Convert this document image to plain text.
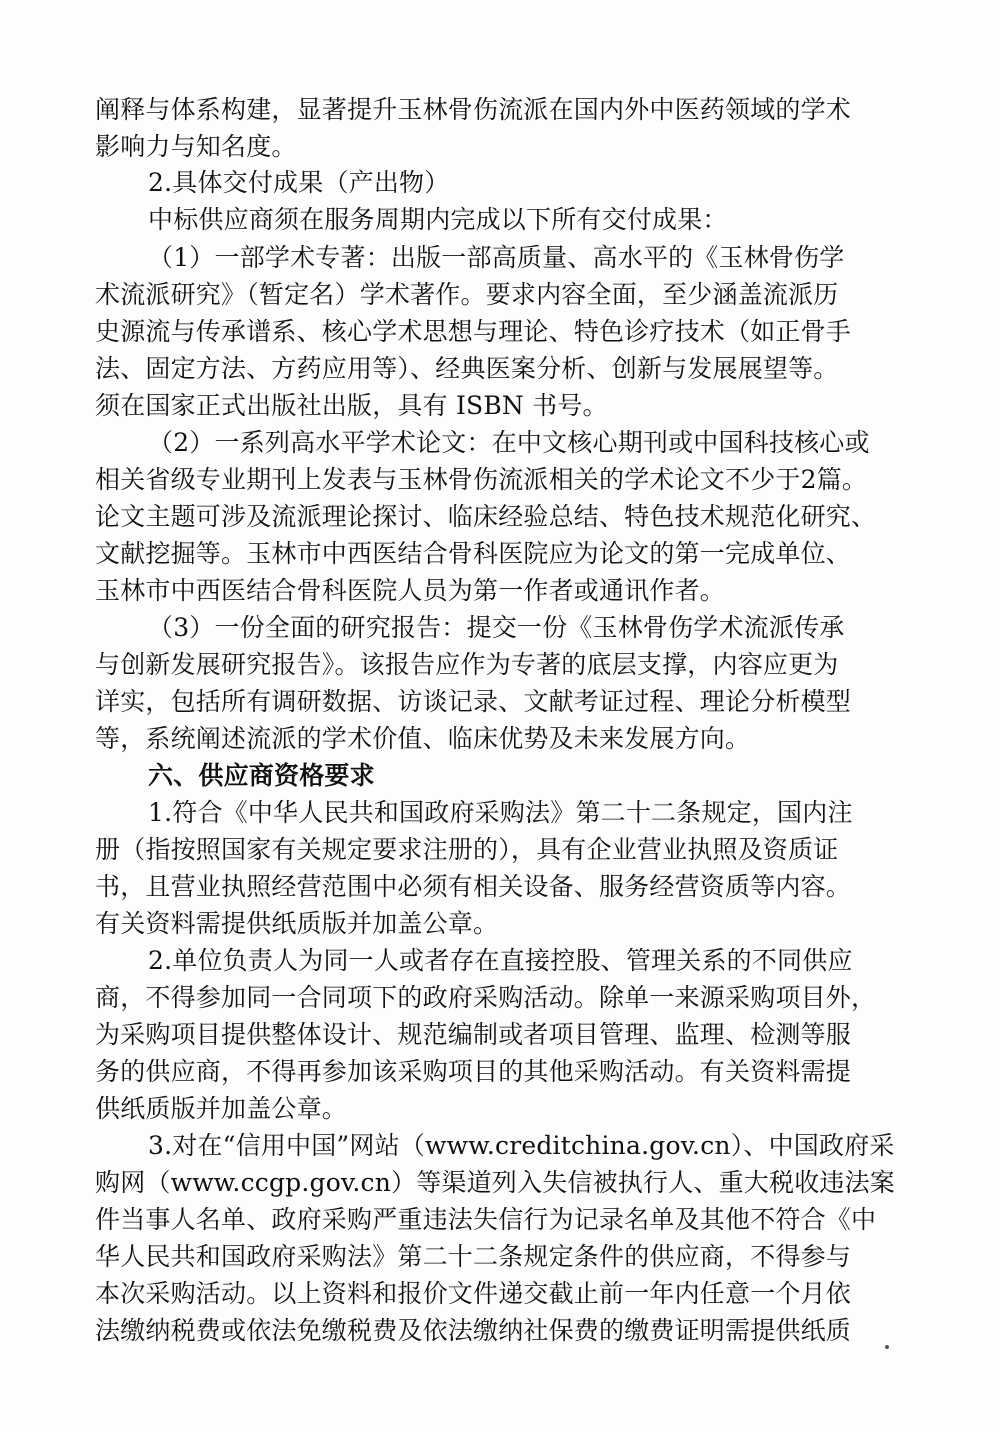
阐释与体系构建，显著提升玉林骨伤流派在国内外中医药领域的学术
影响力与知名度。
2.具体交付成果（产出物）
中标供应商须在服务周期内完成以下所有交付成果：
（1）一部学术专著：出版一部高质量、高水平的《玉林骨伤学
术流派研究》（暂定名）学术著作。要求内容全面，至少涵盖流派历
史源流与传承谱系、核心学术思想与理论、特色诊疗技术（如正骨手
法、固定方法、方药应用等）、经典医案分析、创新与发展展望等。
须在国家正式出版社出版，具有 ISBN 书号。
（2）一系列高水平学术论文：在中文核心期刊或中国科技核心或
相关省级专业期刊上发表与玉林骨伤流派相关的学术论文不少于2篇。
论文主题可涉及流派理论探讨、临床经验总结、特色技术规范化研究、
文献挖掘等。玉林市中西医结合骨科医院应为论文的第一完成单位、
玉林市中西医结合骨科医院人员为第一作者或通讯作者。
（3）一份全面的研究报告：提交一份《玉林骨伤学术流派传承
与创新发展研究报告》。该报告应作为专著的底层支撑，内容应更为
详实，包括所有调研数据、访谈记录、文献考证过程、理论分析模型
等，系统阐述流派的学术价值、临床优势及未来发展方向。
六、供应商资格要求
1.符合《中华人民共和国政府采购法》第二十二条规定，国内注
册（指按照国家有关规定要求注册的），具有企业营业执照及资质证
书，且营业执照经营范围中必须有相关设备、服务经营资质等内容。
有关资料需提供纸质版并加盖公章。
2.单位负责人为同一人或者存在直接控股、管理关系的不同供应
商，不得参加同一合同项下的政府采购活动。除单一来源采购项目外，
为采购项目提供整体设计、规范编制或者项目管理、监理、检测等服
务的供应商，不得再参加该采购项目的其他采购活动。有关资料需提
供纸质版并加盖公章。
3.对在“信用中国”网站（www.creditchina.gov.cn）、中国政府采
购网（www.ccgp.gov.cn）等渠道列入失信被执行人、重大税收违法案
件当事人名单、政府采购严重违法失信行为记录名单及其他不符合《中
华人民共和国政府采购法》第二十二条规定条件的供应商，不得参与
本次采购活动。以上资料和报价文件递交截止前一年内任意一个月依
法缴纳税费或依法免缴税费及依法缴纳社保费的缴费证明需提供纸质
